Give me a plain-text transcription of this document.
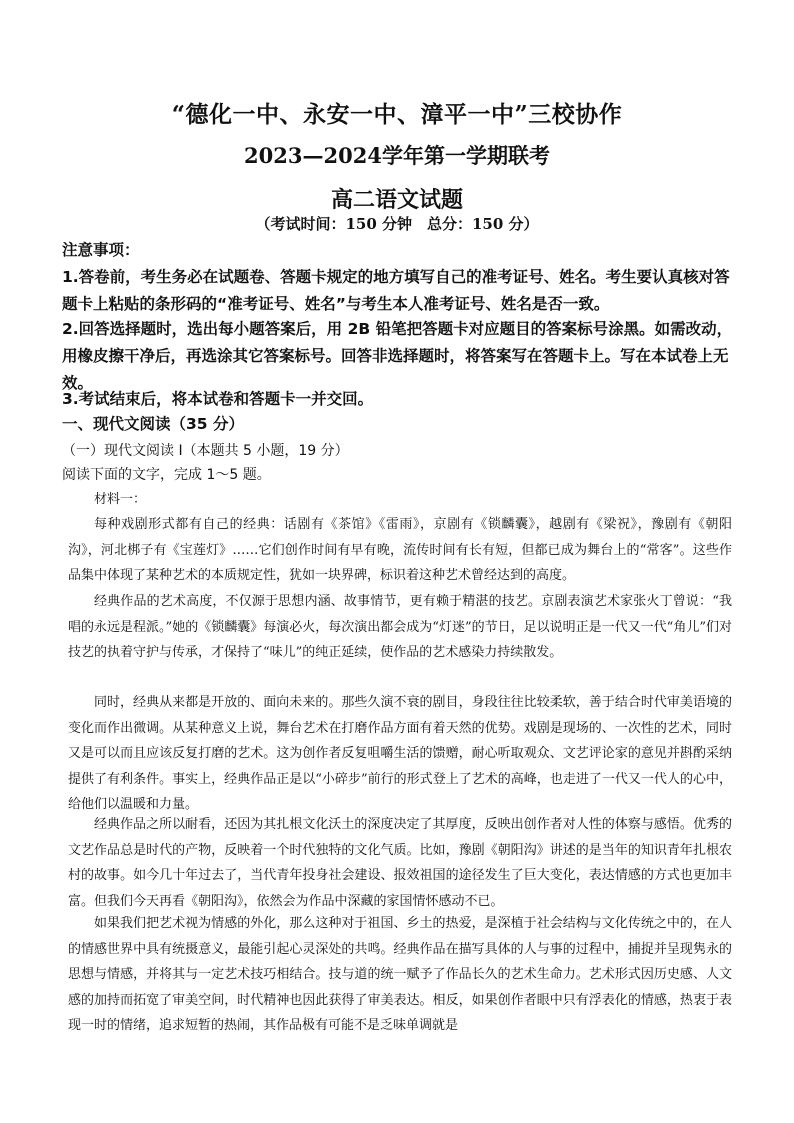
“德化一中、永安一中、漳平一中”三校协作
2023—2024学年第一学期联考
高二语文试题
（考试时间：150 分钟　总分：150 分）
注意事项：
1.答卷前，考生务必在试题卷、答题卡规定的地方填写自己的准考证号、姓名。考生要认真核对答题卡上粘贴的条形码的“准考证号、姓名”与考生本人准考证号、姓名是否一致。
2.回答选择题时，选出每小题答案后，用 2B 铅笔把答题卡对应题目的答案标号涂黑。如需改动，用橡皮擦干净后，再选涂其它答案标号。回答非选择题时，将答案写在答题卡上。写在本试卷上无效。
3.考试结束后，将本试卷和答题卡一并交回。
一、现代文阅读（35 分）
（一）现代文阅读 I（本题共 5 小题，19 分）
阅读下面的文字，完成 1～5 题。
材料一：
每种戏剧形式都有自己的经典：话剧有《茶馆》《雷雨》，京剧有《锁麟囊》，越剧有《梁祝》，豫剧有《朝阳沟》，河北梆子有《宝莲灯》……它们创作时间有早有晚，流传时间有长有短，但都已成为舞台上的“常客”。这些作品集中体现了某种艺术的本质规定性，犹如一块界碑，标识着这种艺术曾经达到的高度。
经典作品的艺术高度，不仅源于思想内涵、故事情节，更有赖于精湛的技艺。京剧表演艺术家张火丁曾说：“我唱的永远是程派。”她的《锁麟囊》每演必火，每次演出都会成为“灯迷”的节日，足以说明正是一代又一代“角儿”们对技艺的执着守护与传承，才保持了“味儿”的纯正延续，使作品的艺术感染力持续散发。
同时，经典从来都是开放的、面向未来的。那些久演不衰的剧目，身段往往比较柔软，善于结合时代审美语境的变化而作出微调。从某种意义上说，舞台艺术在打磨作品方面有着天然的优势。戏剧是现场的、一次性的艺术，同时又是可以而且应该反复打磨的艺术。这为创作者反复咀嚼生活的馈赠，耐心听取观众、文艺评论家的意见并斟酌采纳提供了有利条件。事实上，经典作品正是以“小碎步”前行的形式登上了艺术的高峰，也走进了一代又一代人的心中，给他们以温暖和力量。
经典作品之所以耐看，还因为其扎根文化沃土的深度决定了其厚度，反映出创作者对人性的体察与感悟。优秀的文艺作品总是时代的产物，反映着一个时代独特的文化气质。比如，豫剧《朝阳沟》讲述的是当年的知识青年扎根农村的故事。如今几十年过去了，当代青年投身社会建设、报效祖国的途径发生了巨大变化，表达情感的方式也更加丰富。但我们今天再看《朝阳沟》，依然会为作品中深藏的家国情怀感动不已。
如果我们把艺术视为情感的外化，那么这种对于祖国、乡土的热爱，是深植于社会结构与文化传统之中的，在人的情感世界中具有统摄意义，最能引起心灵深处的共鸣。经典作品在描写具体的人与事的过程中，捕捉并呈现隽永的思想与情感，并将其与一定艺术技巧相结合。技与道的统一赋予了作品长久的艺术生命力。艺术形式因历史感、人文感的加持而拓宽了审美空间，时代精神也因此获得了审美表达。相反，如果创作者眼中只有浮表化的情感，热衷于表现一时的情绪，追求短暂的热闹，其作品极有可能不是乏味单调就是
